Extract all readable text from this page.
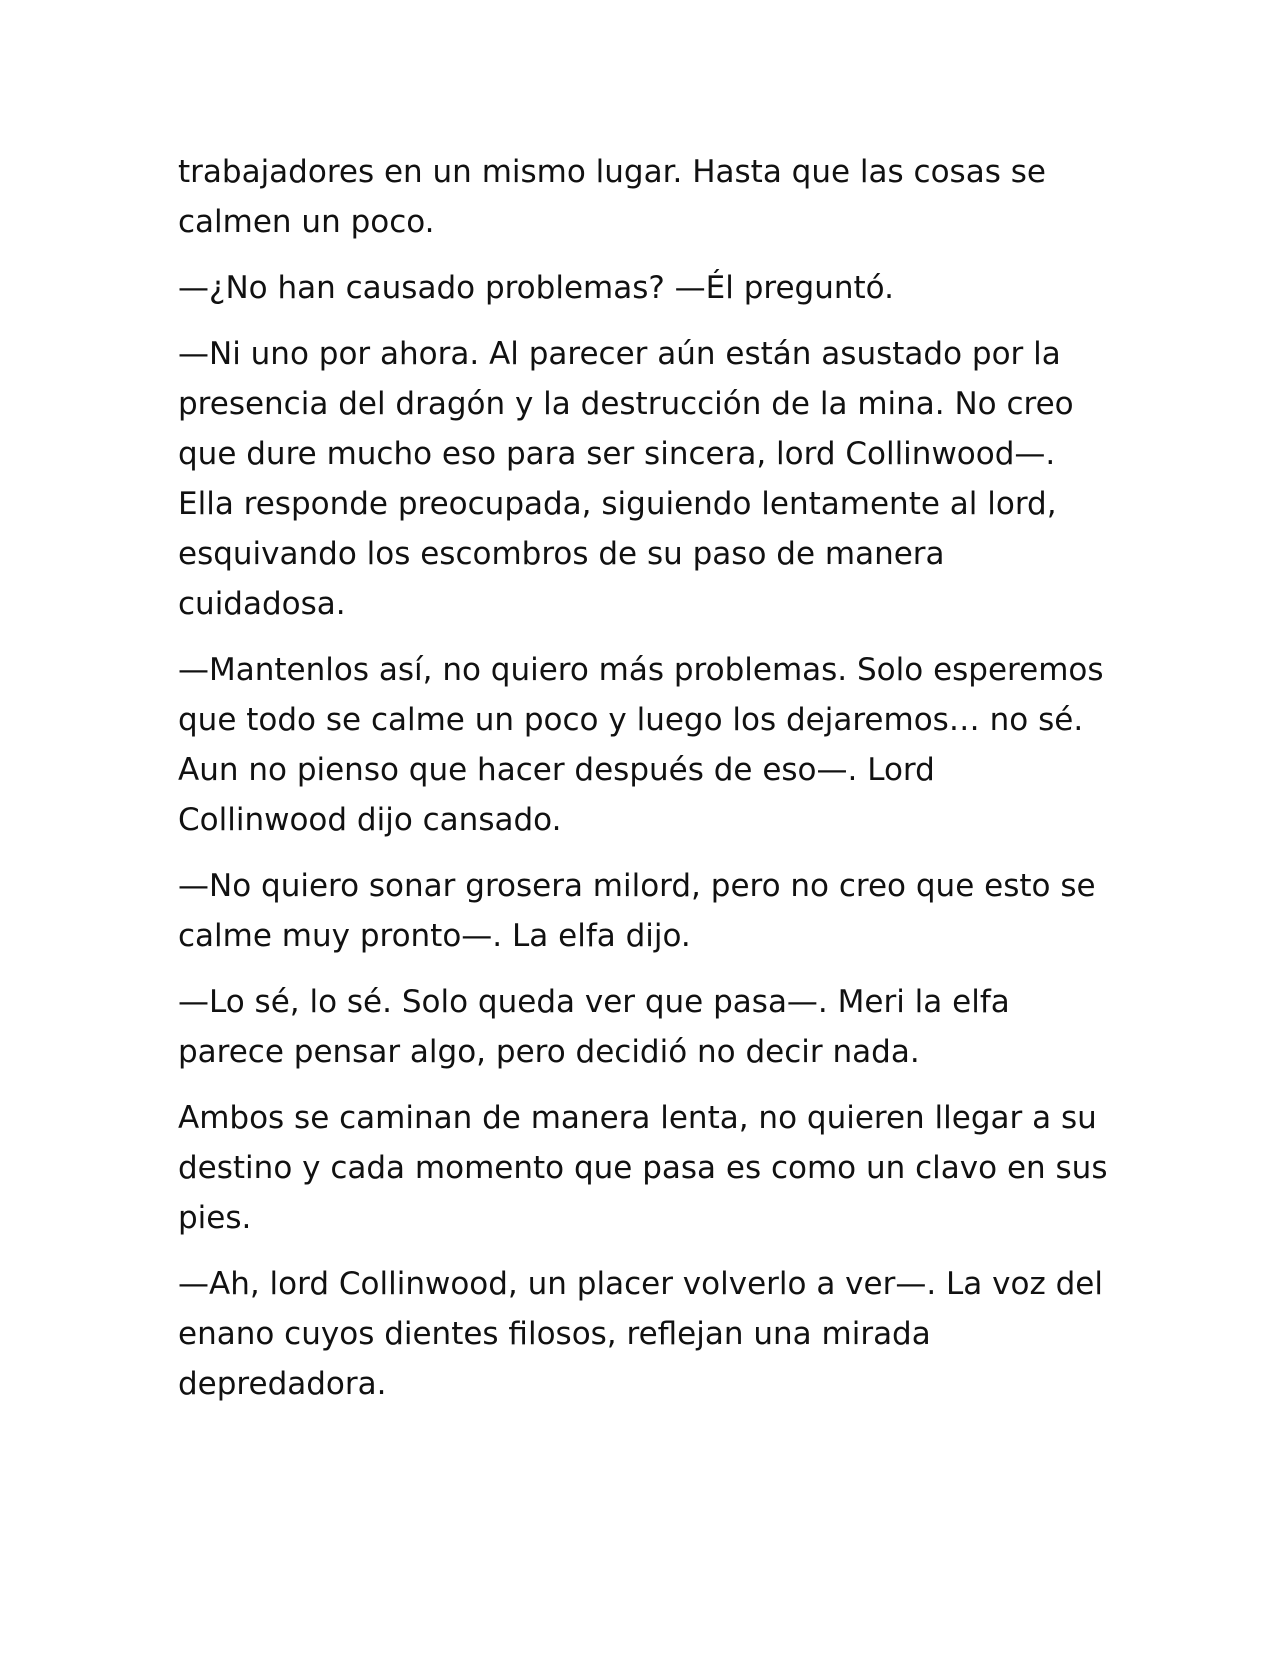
trabajadores en un mismo lugar. Hasta que las cosas se calmen un poco.

—¿No han causado problemas? —Él preguntó.

—Ni uno por ahora. Al parecer aún están asustado por la presencia del dragón y la destrucción de la mina. No creo que dure mucho eso para ser sincera, lord Collinwood—. Ella responde preocupada, siguiendo lentamente al lord, esquivando los escombros de su paso de manera cuidadosa.

—Mantenlos así, no quiero más problemas. Solo esperemos que todo se calme un poco y luego los dejaremos… no sé. Aun no pienso que hacer después de eso—. Lord Collinwood dijo cansado.

—No quiero sonar grosera milord, pero no creo que esto se calme muy pronto—. La elfa dijo.

—Lo sé, lo sé. Solo queda ver que pasa—. Meri la elfa parece pensar algo, pero decidió no decir nada.

Ambos se caminan de manera lenta, no quieren llegar a su destino y cada momento que pasa es como un clavo en sus pies.

—Ah, lord Collinwood, un placer volverlo a ver—. La voz del enano cuyos dientes filosos, reflejan una mirada depredadora.
